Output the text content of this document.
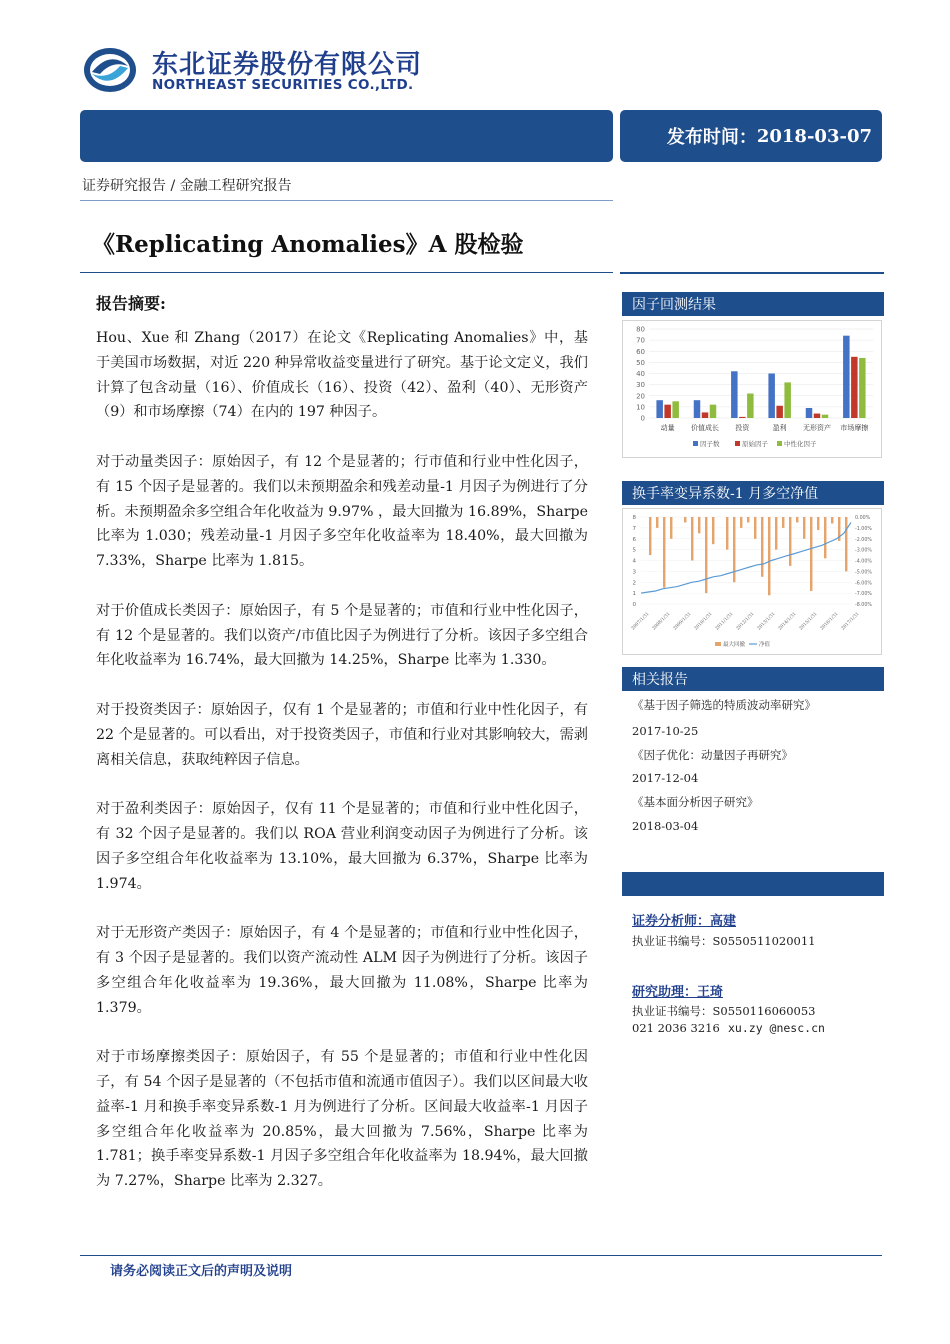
东北证券股份有限公司
NORTHEAST SECURITIES CO.,LTD.
发布时间： 2018-03-07
证券研究报告 / 金融工程研究报告
《Replicating Anomalies》A 股检验
报告摘要:

Hou、Xue 和 Zhang（2017）在论文《Replicating Anomalies》中，基于美国市场数据，对近 220 种异常收益变量进行了研究。基于论文定义，我们计算了包含动量（16）、价值成长（16）、投资（42）、盈利（40）、无形资产（9）和市场摩擦（74）在内的 197 种因子。

对于动量类因子：原始因子，有 12 个是显著的；行市值和行业中性化因子，有 15 个因子是显著的。我们以未预期盈余和残差动量-1 月因子为例进行了分析。未预期盈余多空组合年化收益为 9.97% ，最大回撤为 16.89%，Sharpe 比率为 1.030；残差动量-1 月因子多空年化收益率为 18.40%，最大回撤为 7.33%，Sharpe 比率为 1.815。

对于价值成长类因子：原始因子，有 5 个是显著的；市值和行业中性化因子，有 12 个是显著的。我们以资产/市值比因子为例进行了分析。该因子多空组合年化收益率为 16.74%，最大回撤为 14.25%，Sharpe 比率为 1.330。

对于投资类因子：原始因子，仅有 1 个是显著的；市值和行业中性化因子，有 22 个是显著的。可以看出，对于投资类因子，市值和行业对其影响较大，需剥离相关信息，获取纯粹因子信息。

对于盈利类因子：原始因子，仅有 11 个是显著的；市值和行业中性化因子，有 32 个因子是显著的。我们以 ROA 营业利润变动因子为例进行了分析。该因子多空组合年化收益率为 13.10%，最大回撤为 6.37%，Sharpe 比率为 1.974。

对于无形资产类因子：原始因子，有 4 个是显著的；市值和行业中性化因子，有 3 个因子是显著的。我们以资产流动性 ALM 因子为例进行了分析。该因子多空组合年化收益率为 19.36%，最大回撤为 11.08%，Sharpe 比率为 1.379。

对于市场摩擦类因子：原始因子，有 55 个是显著的；市值和行业中性化因子，有 54 个因子是显著的（不包括市值和流通市值因子）。我们以区间最大收益率-1 月和换手率变异系数-1 月为例进行了分析。区间最大收益率-1 月因子多空组合年化收益率为 20.85%，最大回撤为 7.56%，Sharpe 比率为 1.781；换手率变异系数-1 月因子多空组合年化收益率为 18.94%，最大回撤为 7.27%，Sharpe 比率为 2.327。

因子回测结果
0
10
20
30
40
50
60
70
80
动量 价值成长 投资	盈利 无形资产 市场摩擦
因子数	原始因子 中性化因子
换手率变异系数-1 月多空净值
0
1
2
3
4
5
6
7
8	0.00%
-1.00%
-2.00%
-3.00%
-4.00%
-5.00%
-6.00%
-7.00%
-8.00%
2007/1/31 2008/1/31 2009/1/31 2010/1/31 2011/1/31 2012/1/31 2013/1/31 2014/1/31 2015/1/31 2016/1/31 2017/1/31
最大回撤	净值
相关报告
《基于因子筛选的特质波动率研究》
2017-10-25
《因子优化：动量因子再研究》
2017-12-04
《基本面分析因子研究》
2018-03-04
证券分析师：高建
执业证书编号：S0550511020011
研究助理：王琦
执业证书编号：S0550116060053
021 2036 3216 xu.zy @nesc.cn
请务必阅读正文后的声明及说明
